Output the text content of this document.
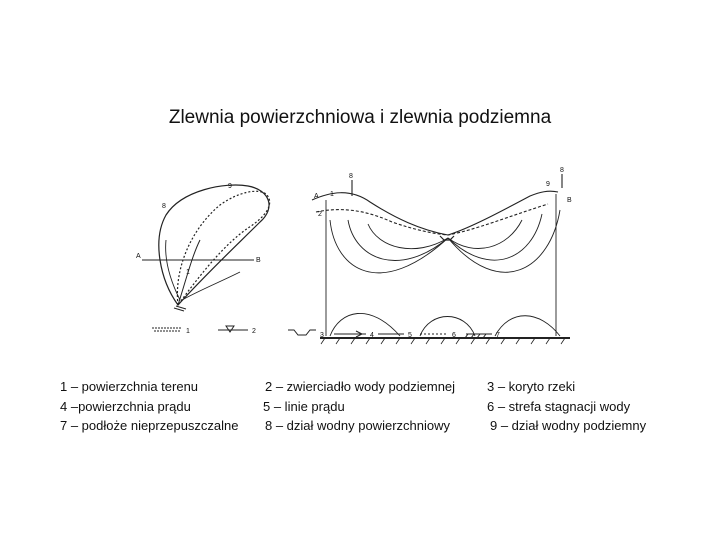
Zlewnia powierzchniowa i zlewnia podziemna
A
B
8
9
1
A
B
8
9
8
1
2
1	2
3	4	5	6	7
1 – powierzchnia terenu	2 – zwierciadło wody podziemnej 3 – koryto rzeki
4 –powierzchnia prądu	5 – linie prądu	6 – strefa stagnacji wody
7 – podłoże nieprzepuszczalne 8 – dział wodny powierzchniowy	9 – dział wodny podziemny
